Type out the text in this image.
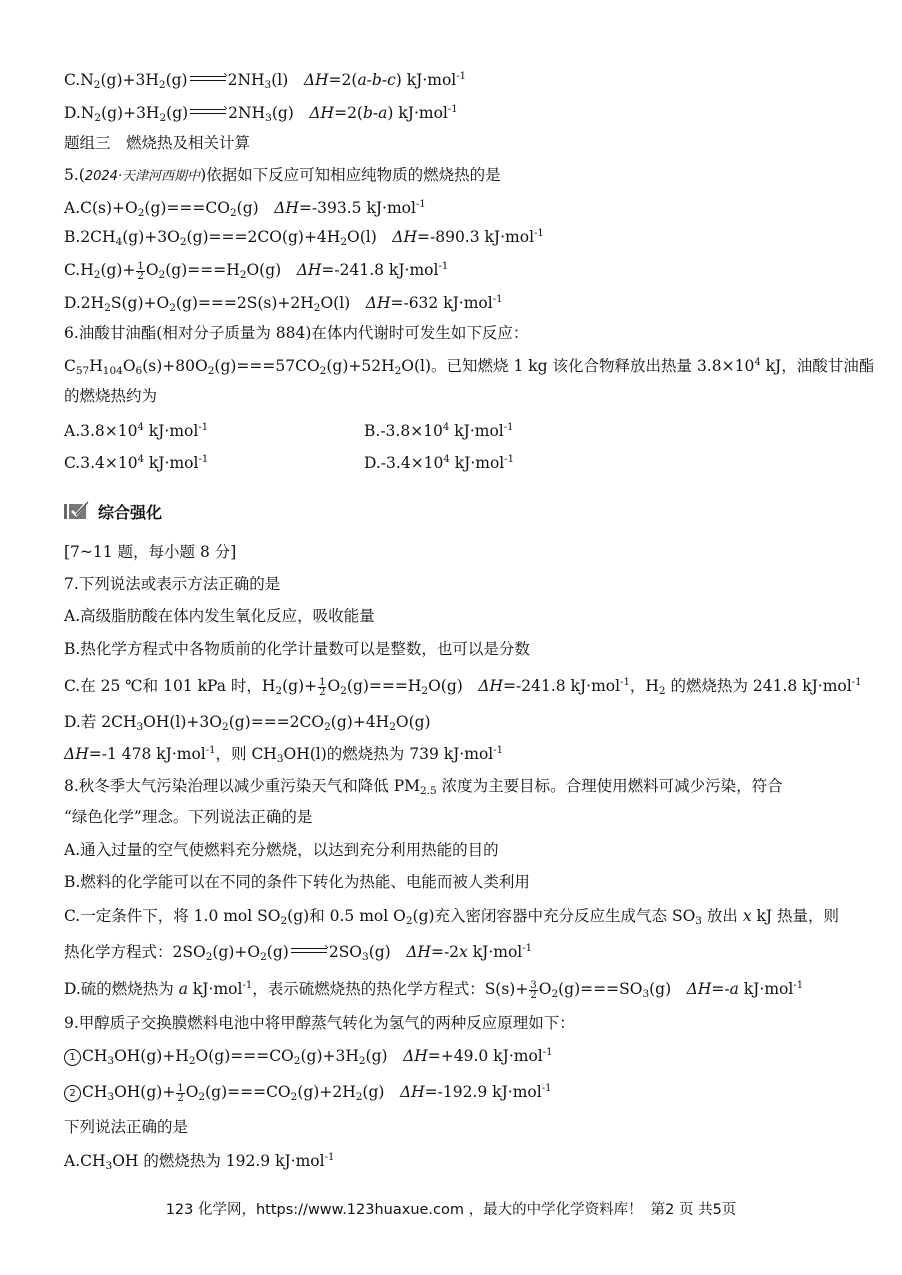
$C.N_2(g)+3H_2(g)$	$2NH_3(l)$　 ΔH=2(a-b-c) kJ·mol$^{-1}$
$D.N_2(g)+3H_2(g)$	$2NH_3(g)$　 ΔH=2(b-a) kJ·mol$^{-1}$
题组三　燃烧热及相关计算
5.(2024·天津河西期中)依据如下反应可知相应纯物质的燃烧热的是
$A.C(s)+O_2(g)===CO_2(g)$　 ΔH=-393.5 kJ·mol$^{-1}$
$B.2CH_4(g)+3O_2(g)===2CO(g)+4H_2O(l)$　 ΔH=-890.3 kJ·mol$^{-1}$
$C.H_2(g)+ \frac{1}{2} O_2(g)===H_2O(g)$　 ΔH=-241.8 kJ·mol$^{-1}$
$D.2H_2S(g)+O_2(g)===2S(s)+2H_2O(l)$　 ΔH=-632 kJ·mol$^{-1}$
6.油酸甘油酯(相对分子质量为 884)在体内代谢时可发生如下反应：
$C_{57}H_{104}O_6(s)+80O_2(g)===57CO_2(g)+52H_2O(l)$。已知燃烧 1 kg 该化合物释放出热量 $3.8\times 10^4$ kJ，油酸甘油酯
的燃烧热约为
$A.3.8\times 10^4$ kJ·mol$^{-1}$	$B.-3.8\times 10^4$ kJ·mol$^{-1}$
$C.3.4\times 10^4$ kJ·mol$^{-1}$	$D.-3.4\times 10^4$ kJ·mol$^{-1}$
综合强化
[7~11 题，每小题 8 分]
7.下列说法或表示方法正确的是
A.高级脂肪酸在体内发生氧化反应，吸收能量
B.热化学方程式中各物质前的化学计量数可以是整数，也可以是分数
C.在 25 ℃和 101 kPa 时，$H_2(g)+ \frac{1}{2} O_2(g)===H_2O(g)$　ΔH=-241.8 kJ·mol$^{-1}$，$H_2$ 的燃烧热为 241.8 kJ·mol$^{-1}$
D.若 $2CH_3OH(l)+3O_2(g)===2CO_2(g)+4H_2O(g)$
ΔH=-1 478 kJ·mol$^{-1}$，则 $CH_3OH(l)$的燃烧热为 739 kJ·mol$^{-1}$
8.秋冬季大气污染治理以减少重污染天气和降低 $PM_{2.5}$ 浓度为主要目标。合理使用燃料可减少污染，符合
“绿色化学”理念。下列说法正确的是
A.通入过量的空气使燃料充分燃烧，以达到充分利用热能的目的
B.燃料的化学能可以在不同的条件下转化为热能、电能而被人类利用
C.一定条件下，将 1.0 mol $SO_2(g)$和 0.5 mol $O_2(g)$充入密闭容器中充分反应生成气态 $SO_3$ 放出 x kJ 热量，则
热化学方程式：$2SO_2(g)+O_2(g)$	$2SO_3(g)$　ΔH=-2x kJ·mol$^{-1}$
D.硫的燃烧热为 a kJ·mol$^{-1}$，表示硫燃烧热的热化学方程式：$S(s)+ \frac{3}{2} O_2(g)===SO_3(g)$　ΔH=-a kJ·mol$^{-1}$
9.甲醇质子交换膜燃料电池中将甲醇蒸气转化为氢气的两种反应原理如下：
1 $CH_3OH(g)+H_2O(g)===CO_2(g)+3H_2(g)$　ΔH=+49.0 kJ·mol$^{-1}$
2 $CH_3OH(g)+ \frac{1}{2} O_2(g)===CO_2(g)+2H_2(g)$　ΔH=-192.9 kJ·mol$^{-1}$
下列说法正确的是
$A.CH_3OH$ 的燃烧热为 192.9 kJ·mol$^{-1}$
123 化学网，https://www.123huaxue.com ，最大的中学化学资料库！ 第2 页 共5页
